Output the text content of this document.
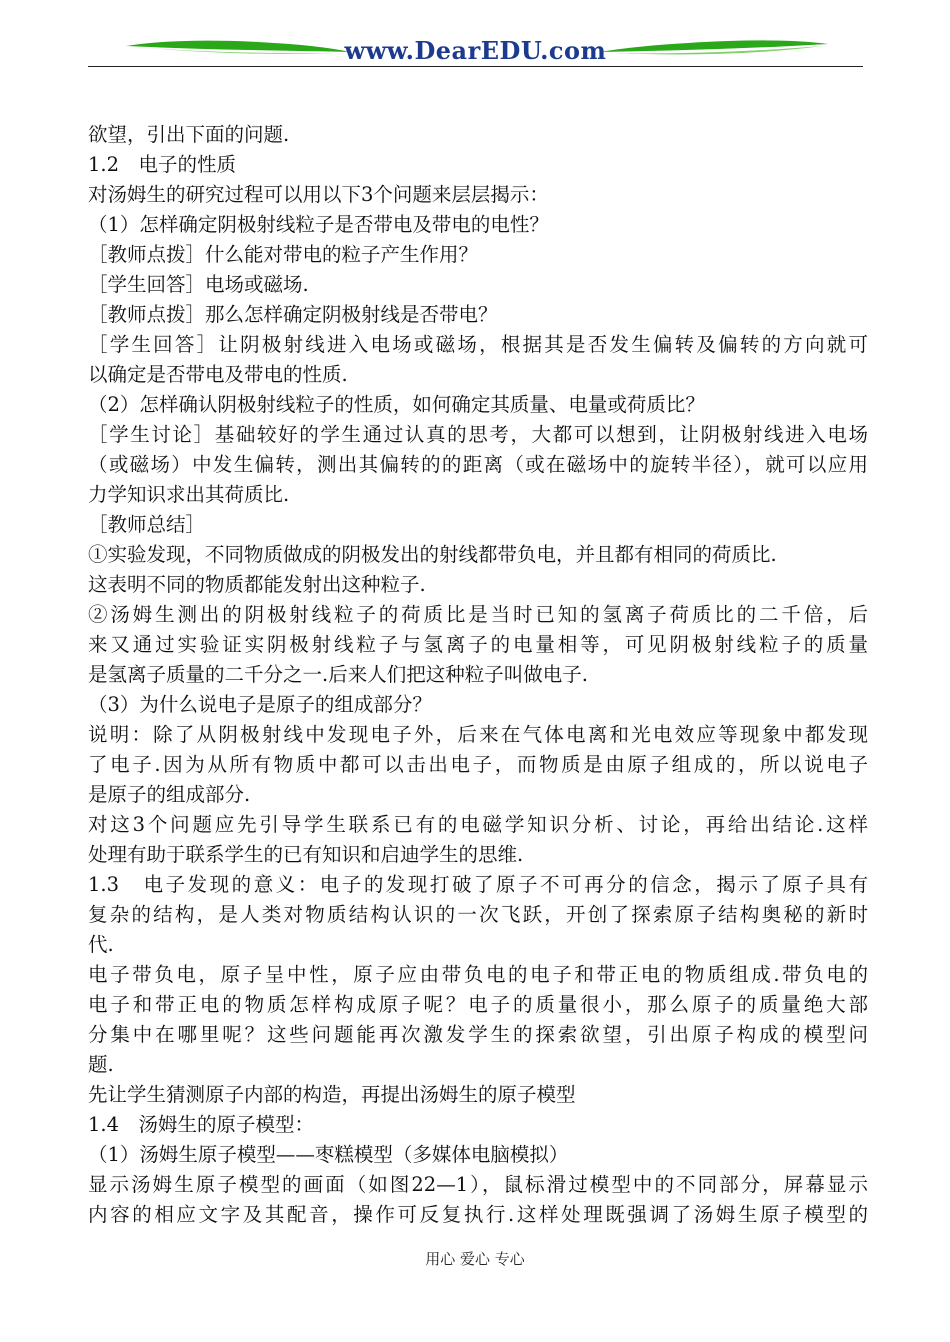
www.DearEDU.com
欲望，引出下面的问题.
1.2　电子的性质
对汤姆生的研究过程可以用以下3个问题来层层揭示：
（1）怎样确定阴极射线粒子是否带电及带电的电性？
［教师点拨］什么能对带电的粒子产生作用？
［学生回答］电场或磁场.
［教师点拨］那么怎样确定阴极射线是否带电？
［学生回答］让阴极射线进入电场或磁场，根据其是否发生偏转及偏转的方向就可
以确定是否带电及带电的性质.
（2）怎样确认阴极射线粒子的性质，如何确定其质量、电量或荷质比？
［学生讨论］基础较好的学生通过认真的思考，大都可以想到，让阴极射线进入电场
（或磁场）中发生偏转，测出其偏转的的距离（或在磁场中的旋转半径），就可以应用
力学知识求出其荷质比.
［教师总结］
①实验发现，不同物质做成的阴极发出的射线都带负电，并且都有相同的荷质比.
这表明不同的物质都能发射出这种粒子.
②汤姆生测出的阴极射线粒子的荷质比是当时已知的氢离子荷质比的二千倍，后
来又通过实验证实阴极射线粒子与氢离子的电量相等，可见阴极射线粒子的质量
是氢离子质量的二千分之一.后来人们把这种粒子叫做电子.
（3）为什么说电子是原子的组成部分？
说明：除了从阴极射线中发现电子外，后来在气体电离和光电效应等现象中都发现
了电子.因为从所有物质中都可以击出电子，而物质是由原子组成的，所以说电子
是原子的组成部分.
对这3个问题应先引导学生联系已有的电磁学知识分析、讨论，再给出结论.这样
处理有助于联系学生的已有知识和启迪学生的思维.
1.3　电子发现的意义：电子的发现打破了原子不可再分的信念，揭示了原子具有
复杂的结构，是人类对物质结构认识的一次飞跃，开创了探索原子结构奥秘的新时
代.
电子带负电，原子呈中性，原子应由带负电的电子和带正电的物质组成.带负电的
电子和带正电的物质怎样构成原子呢？电子的质量很小，那么原子的质量绝大部
分集中在哪里呢？这些问题能再次激发学生的探索欲望，引出原子构成的模型问
题.
先让学生猜测原子内部的构造，再提出汤姆生的原子模型
1.4　汤姆生的原子模型：
（1）汤姆生原子模型——枣糕模型（多媒体电脑模拟）
显示汤姆生原子模型的画面（如图22—1），鼠标滑过模型中的不同部分，屏幕显示
内容的相应文字及其配音，操作可反复执行.这样处理既强调了汤姆生原子模型的
用心 爱心 专心
